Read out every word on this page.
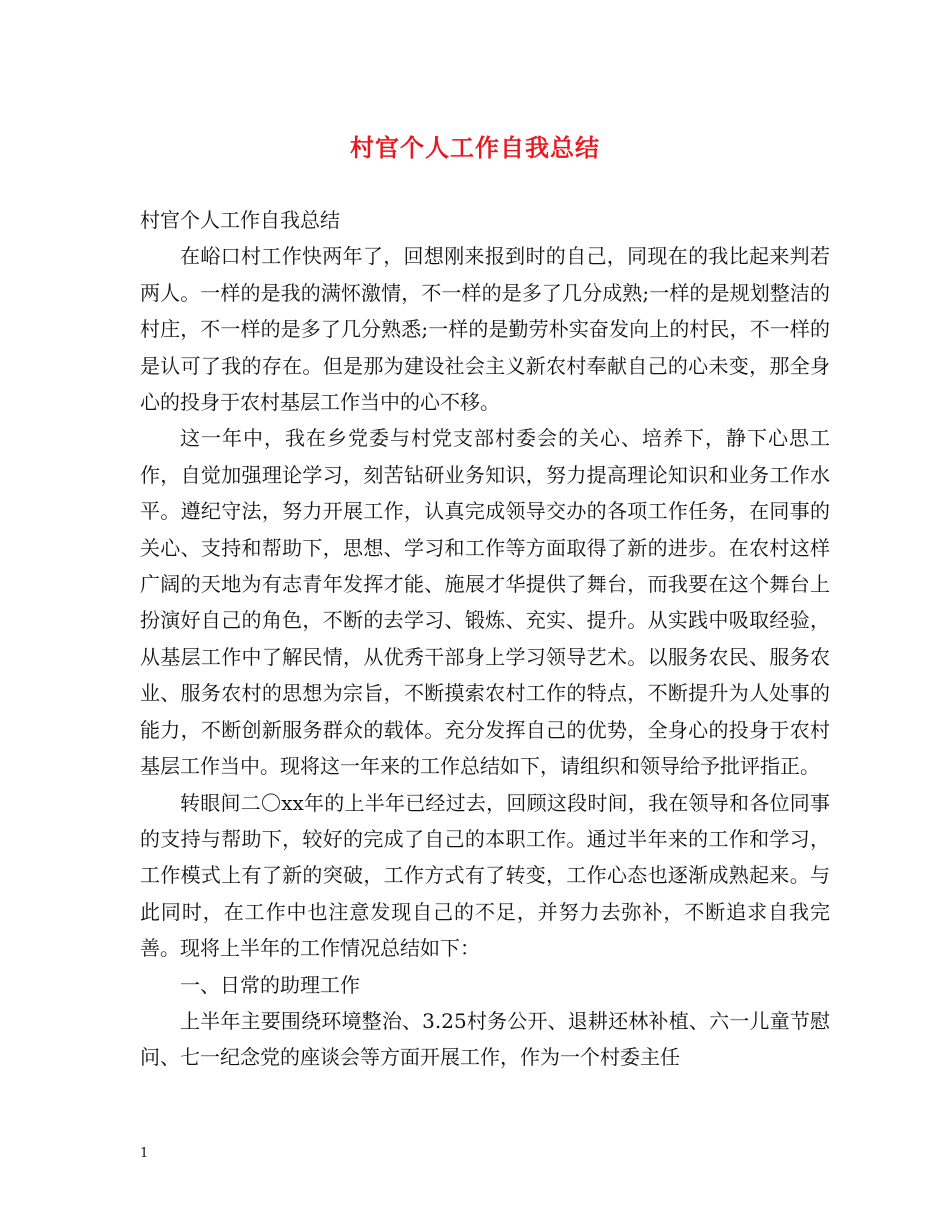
村官个人工作自我总结

村官个人工作自我总结

在峪口村工作快两年了，回想刚来报到时的自己，同现在的我比起来判若两人。一样的是我的满怀激情，不一样的是多了几分成熟;一样的是规划整洁的村庄，不一样的是多了几分熟悉;一样的是勤劳朴实奋发向上的村民，不一样的是认可了我的存在。但是那为建设社会主义新农村奉献自己的心未变，那全身心的投身于农村基层工作当中的心不移。

这一年中，我在乡党委与村党支部村委会的关心、培养下，静下心思工作，自觉加强理论学习，刻苦钻研业务知识，努力提高理论知识和业务工作水平。遵纪守法，努力开展工作，认真完成领导交办的各项工作任务，在同事的关心、支持和帮助下，思想、学习和工作等方面取得了新的进步。在农村这样广阔的天地为有志青年发挥才能、施展才华提供了舞台，而我要在这个舞台上扮演好自己的角色，不断的去学习、锻炼、充实、提升。从实践中吸取经验，从基层工作中了解民情，从优秀干部身上学习领导艺术。以服务农民、服务农业、服务农村的思想为宗旨，不断摸索农村工作的特点，不断提升为人处事的能力，不断创新服务群众的载体。充分发挥自己的优势，全身心的投身于农村基层工作当中。现将这一年来的工作总结如下，请组织和领导给予批评指正。

转眼间二〇xx年的上半年已经过去，回顾这段时间，我在领导和各位同事的支持与帮助下，较好的完成了自己的本职工作。通过半年来的工作和学习，工作模式上有了新的突破，工作方式有了转变，工作心态也逐渐成熟起来。与此同时，在工作中也注意发现自己的不足，并努力去弥补，不断追求自我完善。现将上半年的工作情况总结如下：

一、日常的助理工作

上半年主要围绕环境整治、3.25村务公开、退耕还林补植、六一儿童节慰问、七一纪念党的座谈会等方面开展工作，作为一个村委主任

1
